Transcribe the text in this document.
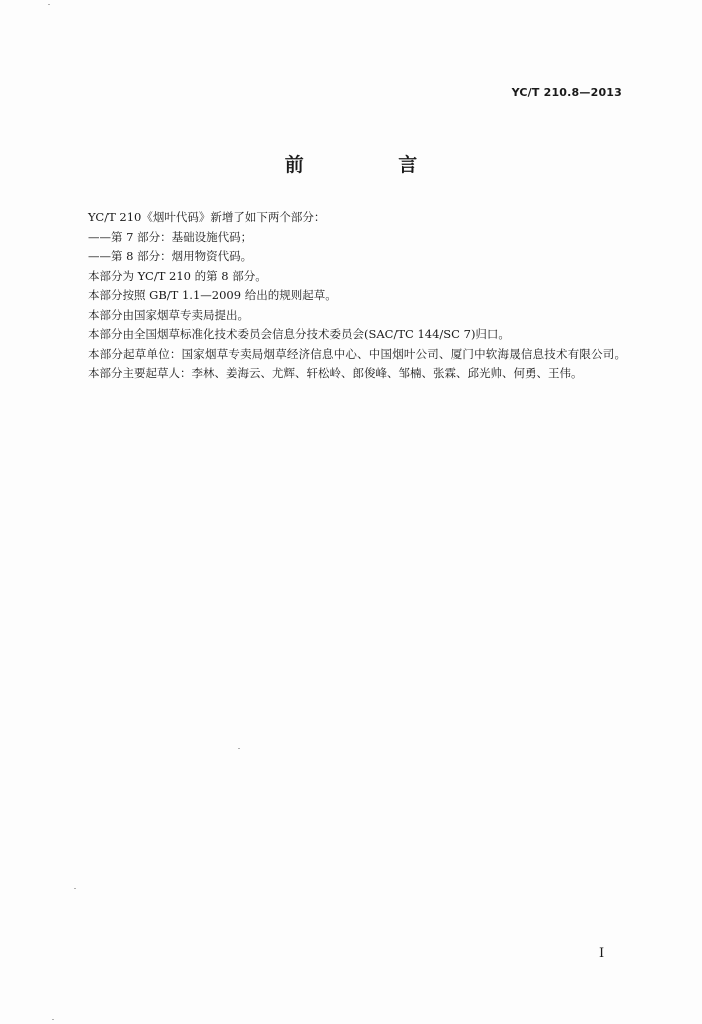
YC/T 210.8—2013
前 言

YC/T 210《烟叶代码》新增了如下两个部分：

——第 7 部分：基础设施代码；

——第 8 部分：烟用物资代码。

本部分为 YC/T 210 的第 8 部分。

本部分按照 GB/T 1.1—2009 给出的规则起草。

本部分由国家烟草专卖局提出。

本部分由全国烟草标准化技术委员会信息分技术委员会(SAC/TC 144/SC 7)归口。

本部分起草单位：国家烟草专卖局烟草经济信息中心、中国烟叶公司、厦门中软海晟信息技术有限公司。

本部分主要起草人：李林、姜海云、尤辉、轩松岭、郎俊峰、邹楠、张霖、邱光帅、何勇、王伟。

I
